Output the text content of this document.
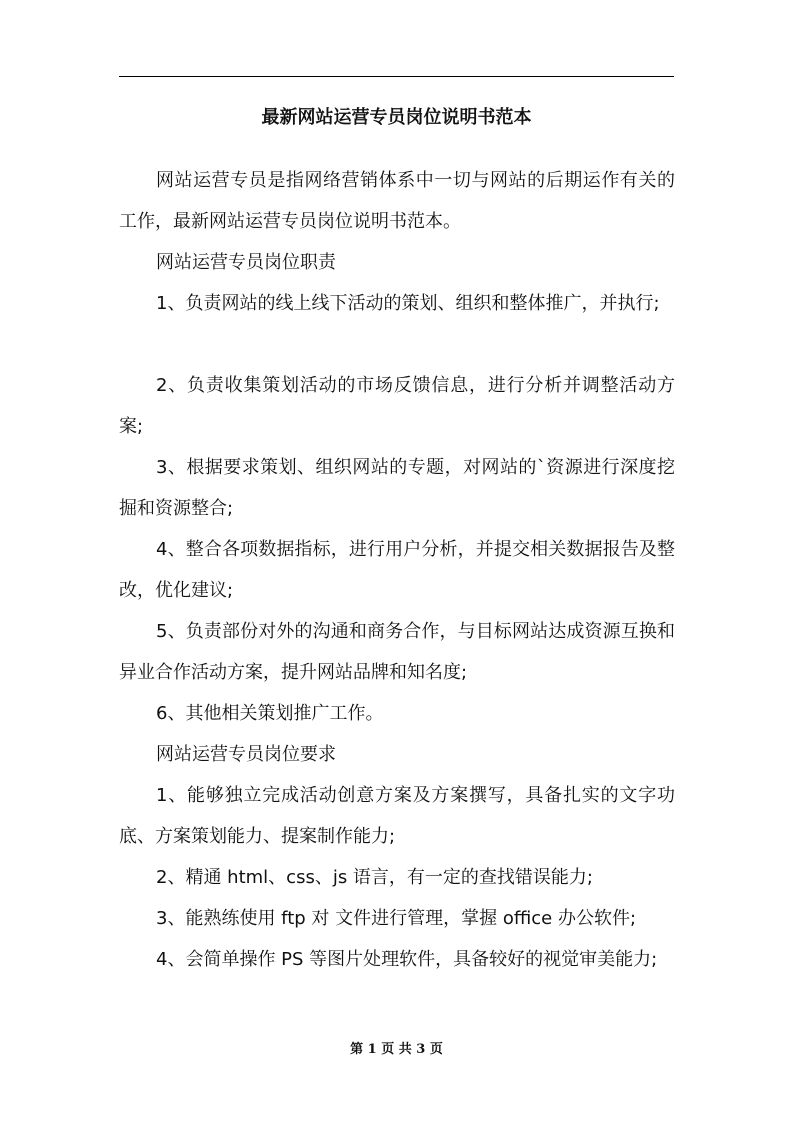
最新网站运营专员岗位说明书范本

网站运营专员是指网络营销体系中一切与网站的后期运作有关的工作，最新网站运营专员岗位说明书范本。

网站运营专员岗位职责

1、负责网站的线上线下活动的策划、组织和整体推广，并执行;

2、负责收集策划活动的市场反馈信息，进行分析并调整活动方案;

3、根据要求策划、组织网站的专题，对网站的`资源进行深度挖掘和资源整合;

4、整合各项数据指标，进行用户分析，并提交相关数据报告及整改，优化建议;

5、负责部份对外的沟通和商务合作，与目标网站达成资源互换和异业合作活动方案，提升网站品牌和知名度;

6、其他相关策划推广工作。

网站运营专员岗位要求

1、能够独立完成活动创意方案及方案撰写，具备扎实的文字功底、方案策划能力、提案制作能力;

2、精通 html、css、js 语言，有一定的查找错误能力;

3、能熟练使用 ftp 对 文件进行管理，掌握 office 办公软件;

4、会简单操作 PS 等图片处理软件，具备较好的视觉审美能力;

第 1 页 共 3 页
